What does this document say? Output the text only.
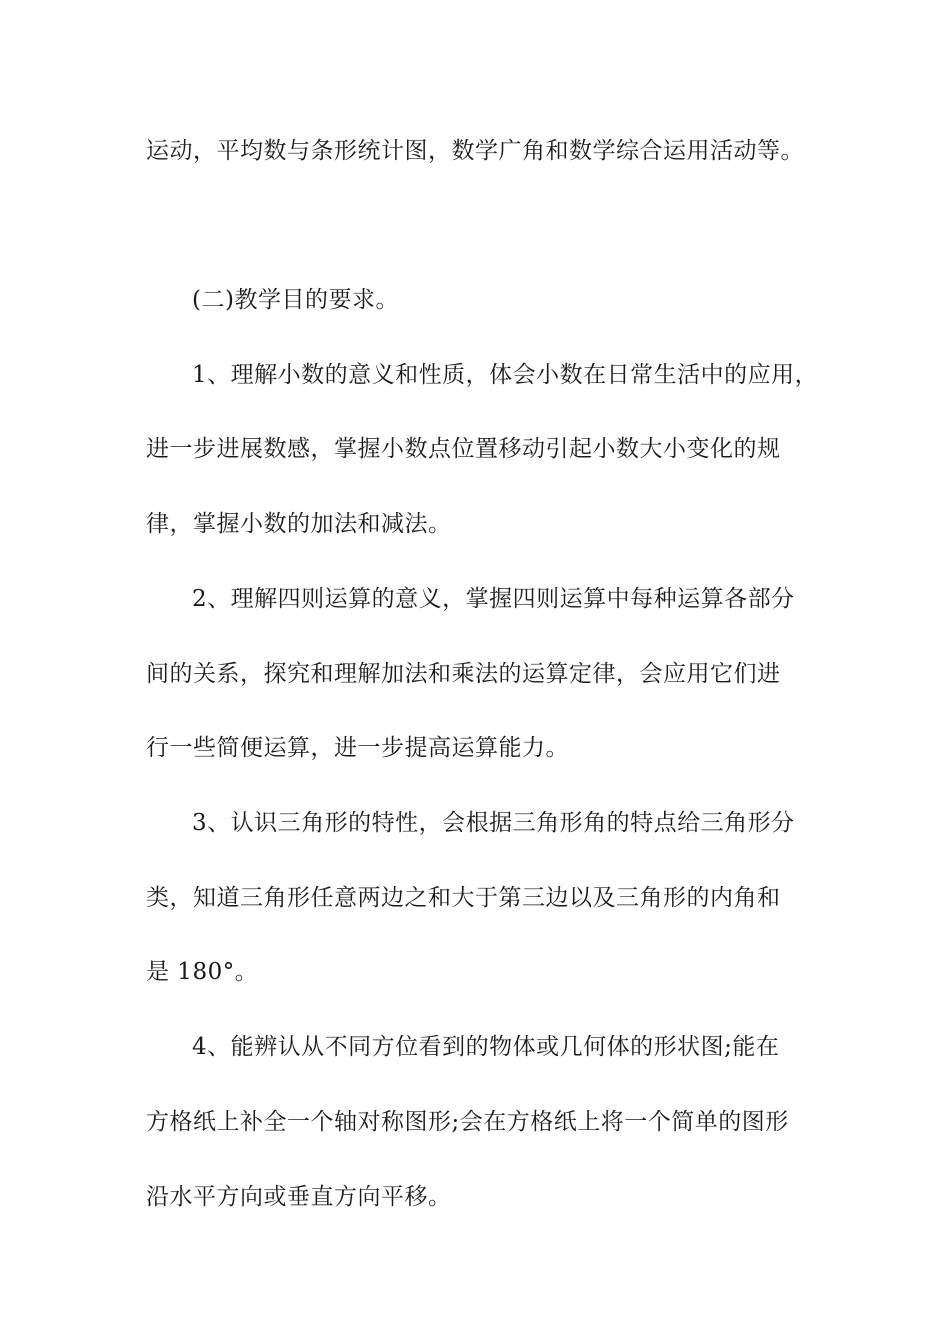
运动，平均数与条形统计图，数学广角和数学综合运用活动等。
(二)教学目的要求。
1、理解小数的意义和性质，体会小数在日常生活中的应用，
进一步进展数感，掌握小数点位置移动引起小数大小变化的规
律，掌握小数的加法和减法。
2、理解四则运算的意义，掌握四则运算中每种运算各部分
间的关系，探究和理解加法和乘法的运算定律，会应用它们进
行一些简便运算，进一步提高运算能力。
3、认识三角形的特性，会根据三角形角的特点给三角形分
类，知道三角形任意两边之和大于第三边以及三角形的内角和
是 180°。
4、能辨认从不同方位看到的物体或几何体的形状图;能在
方格纸上补全一个轴对称图形;会在方格纸上将一个简单的图形
沿水平方向或垂直方向平移。
